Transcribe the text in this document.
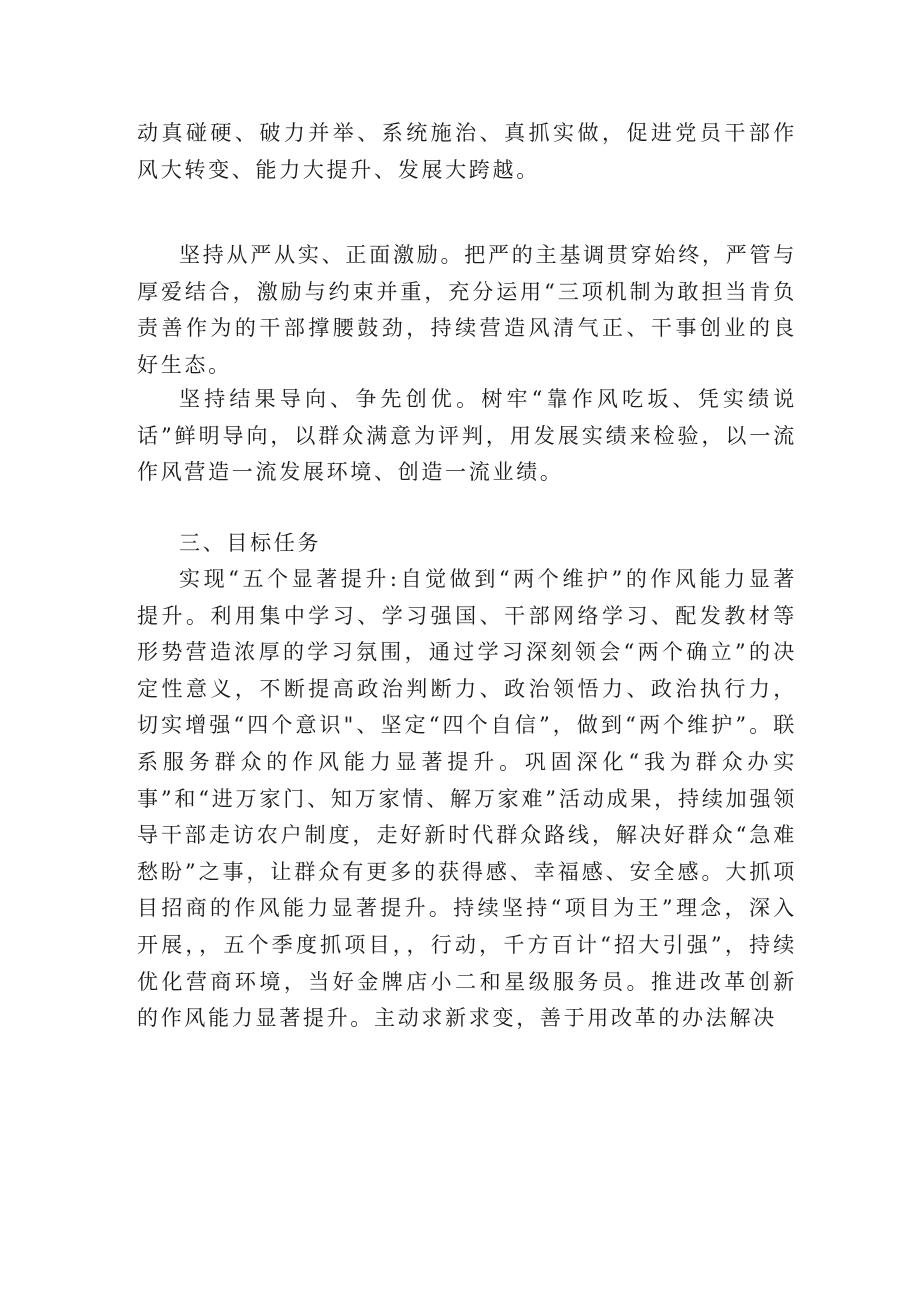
动真碰硬、破力并举、系统施治、真抓实做，促进党员干部作风大转变、能力大提升、发展大跨越。

坚持从严从实、正面激励。把严的主基调贯穿始终，严管与厚爱结合，激励与约束并重，充分运用“三项机制为敢担当肯负责善作为的干部撑腰鼓劲，持续营造风清气正、干事创业的良好生态。

坚持结果导向、争先创优。树牢“靠作风吃坂、凭实绩说话”鲜明导向，以群众满意为评判，用发展实绩来检验，以一流作风营造一流发展环境、创造一流业绩。

三、目标任务

实现“五个显著提升:自觉做到“两个维护”的作风能力显著提升。利用集中学习、学习强国、干部网络学习、配发教材等形势营造浓厚的学习氛围，通过学习深刻领会“两个确立”的决定性意义，不断提高政治判断力、政治领悟力、政治执行力，切实增强“四个意识"、坚定“四个自信”，做到“两个维护”。联系服务群众的作风能力显著提升。巩固深化“我为群众办实事”和“进万家门、知万家情、解万家难”活动成果，持续加强领导干部走访农户制度，走好新时代群众路线，解决好群众“急难愁盼”之事，让群众有更多的获得感、幸福感、安全感。大抓项目招商的作风能力显著提升。持续坚持“项目为王”理念，深入开展，，五个季度抓项目，，行动，千方百计“招大引强”，持续优化营商环境，当好金牌店小二和星级服务员。推进改革创新的作风能力显著提升。主动求新求变，善于用改革的办法解决
